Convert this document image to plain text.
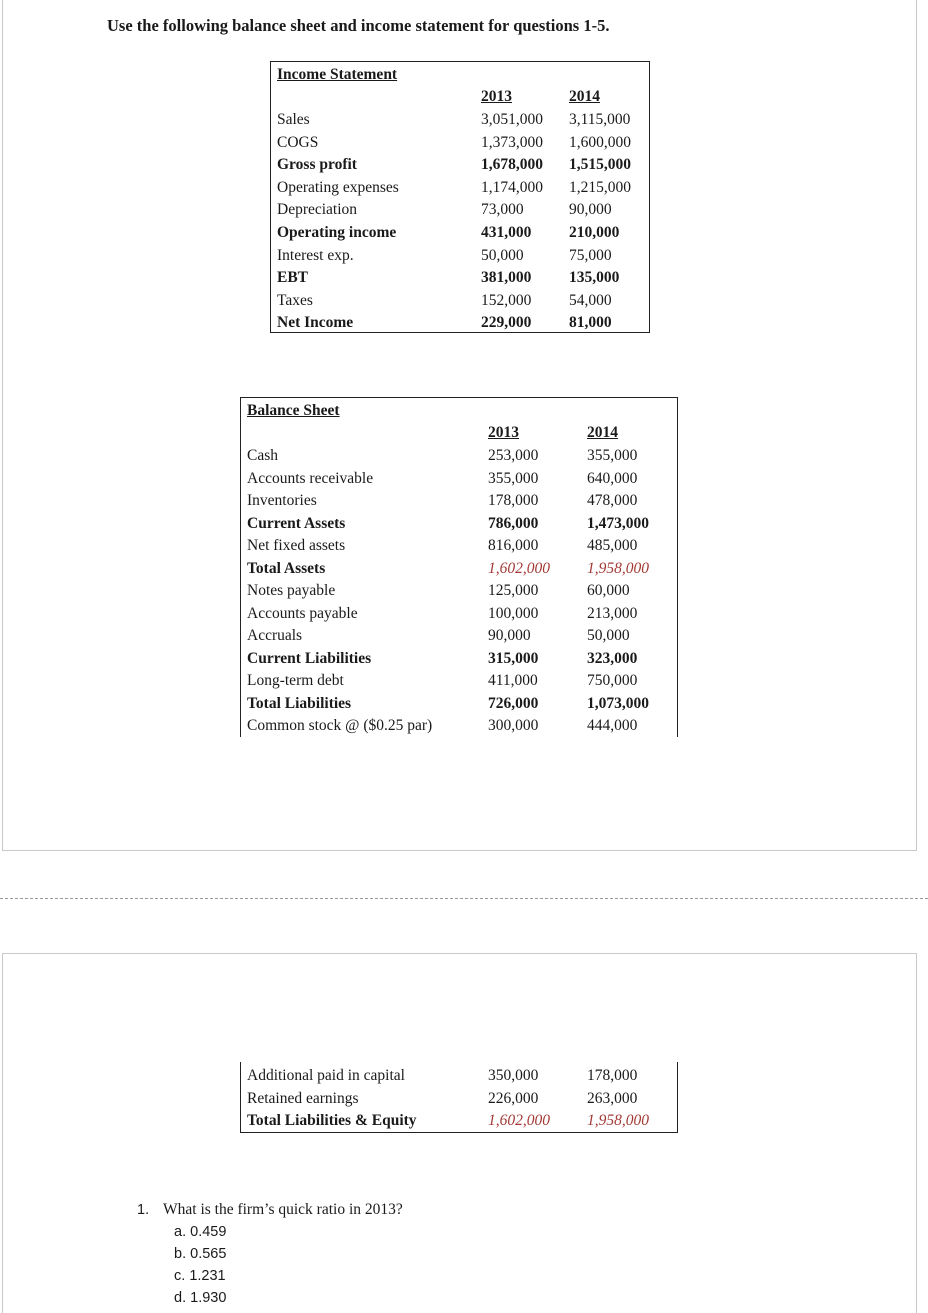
Use the following balance sheet and income statement for questions 1-5.
Income Statement
2013	2014
Sales	3,051,000 3,115,000
COGS	1,373,000 1,600,000
Gross profit	1,678,000 1,515,000
Operating expenses	1,174,000 1,215,000
Depreciation	73,000	90,000
Operating income	431,000 210,000
Interest exp.	50,000	75,000
EBT	381,000 135,000
Taxes	152,000 54,000
Net Income	229,000 81,000
Balance Sheet
2013	2014
Cash	253,000	355,000
Accounts receivable	355,000	640,000
Inventories	178,000	478,000
Current Assets	786,000	1,473,000
Net fixed assets	816,000	485,000
Total Assets	1,602,000 1,958,000
Notes payable	125,000	60,000
Accounts payable	100,000	213,000
Accruals	90,000	50,000
Current Liabilities	315,000	323,000
Long-term debt	411,000	750,000
Total Liabilities	726,000	1,073,000
Common stock @ ($0.25 par)	300,000	444,000
Additional paid in capital	350,000	178,000
Retained earnings	226,000	263,000
Total Liabilities & Equity	1,602,000 1,958,000
1. What is the firm’s quick ratio in 2013?
a. 0.459
b. 0.565
c. 1.231
d. 1.930
